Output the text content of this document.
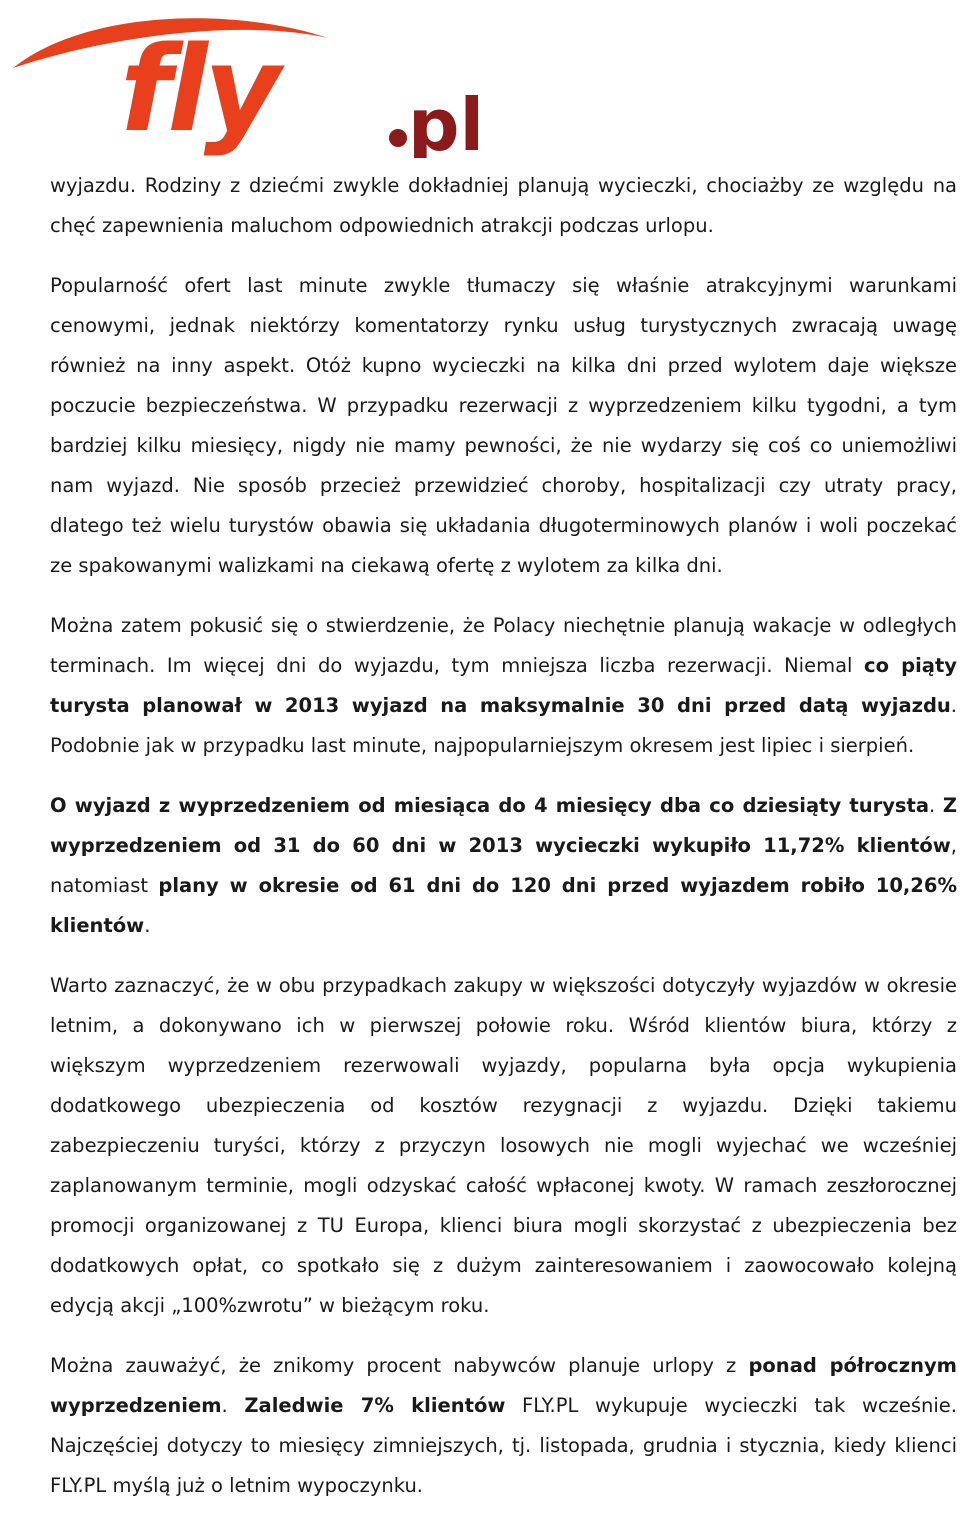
fly pl

wyjazdu. Rodziny z dziećmi zwykle dokładniej planują wycieczki, chociażby ze względu na chęć zapewnienia maluchom odpowiednich atrakcji podczas urlopu.

Popularność ofert last minute zwykle tłumaczy się właśnie atrakcyjnymi warunkami cenowymi, jednak niektórzy komentatorzy rynku usług turystycznych zwracają uwagę również na inny aspekt. Otóż kupno wycieczki na kilka dni przed wylotem daje większe poczucie bezpieczeństwa. W przypadku rezerwacji z wyprzedzeniem kilku tygodni, a tym bardziej kilku miesięcy, nigdy nie mamy pewności, że nie wydarzy się coś co uniemożliwi nam wyjazd. Nie sposób przecież przewidzieć choroby, hospitalizacji czy utraty pracy, dlatego też wielu turystów obawia się układania długoterminowych planów i woli poczekać ze spakowanymi walizkami na ciekawą ofertę z wylotem za kilka dni.

Można zatem pokusić się o stwierdzenie, że Polacy niechętnie planują wakacje w odległych terminach. Im więcej dni do wyjazdu, tym mniejsza liczba rezerwacji. Niemal co piąty turysta planował w 2013 wyjazd na maksymalnie 30 dni przed datą wyjazdu. Podobnie jak w przypadku last minute, najpopularniejszym okresem jest lipiec i sierpień.

O wyjazd z wyprzedzeniem od miesiąca do 4 miesięcy dba co dziesiąty turysta. Z wyprzedzeniem od 31 do 60 dni w 2013 wycieczki wykupiło 11,72% klientów, natomiast plany w okresie od 61 dni do 120 dni przed wyjazdem robiło 10,26% klientów.

Warto zaznaczyć, że w obu przypadkach zakupy w większości dotyczyły wyjazdów w okresie letnim, a dokonywano ich w pierwszej połowie roku. Wśród klientów biura, którzy z większym wyprzedzeniem rezerwowali wyjazdy, popularna była opcja wykupienia dodatkowego ubezpieczenia od kosztów rezygnacji z wyjazdu. Dzięki takiemu zabezpieczeniu turyści, którzy z przyczyn losowych nie mogli wyjechać we wcześniej zaplanowanym terminie, mogli odzyskać całość wpłaconej kwoty. W ramach zeszłorocznej promocji organizowanej z TU Europa, klienci biura mogli skorzystać z ubezpieczenia bez dodatkowych opłat, co spotkało się z dużym zainteresowaniem i zaowocowało kolejną edycją akcji „100%zwrotu” w bieżącym roku.

Można zauważyć, że znikomy procent nabywców planuje urlopy z ponad półrocznym wyprzedzeniem. Zaledwie 7% klientów FLY.PL wykupuje wycieczki tak wcześnie. Najczęściej dotyczy to miesięcy zimniejszych, tj. listopada, grudnia i stycznia, kiedy klienci FLY.PL myślą już o letnim wypoczynku.
